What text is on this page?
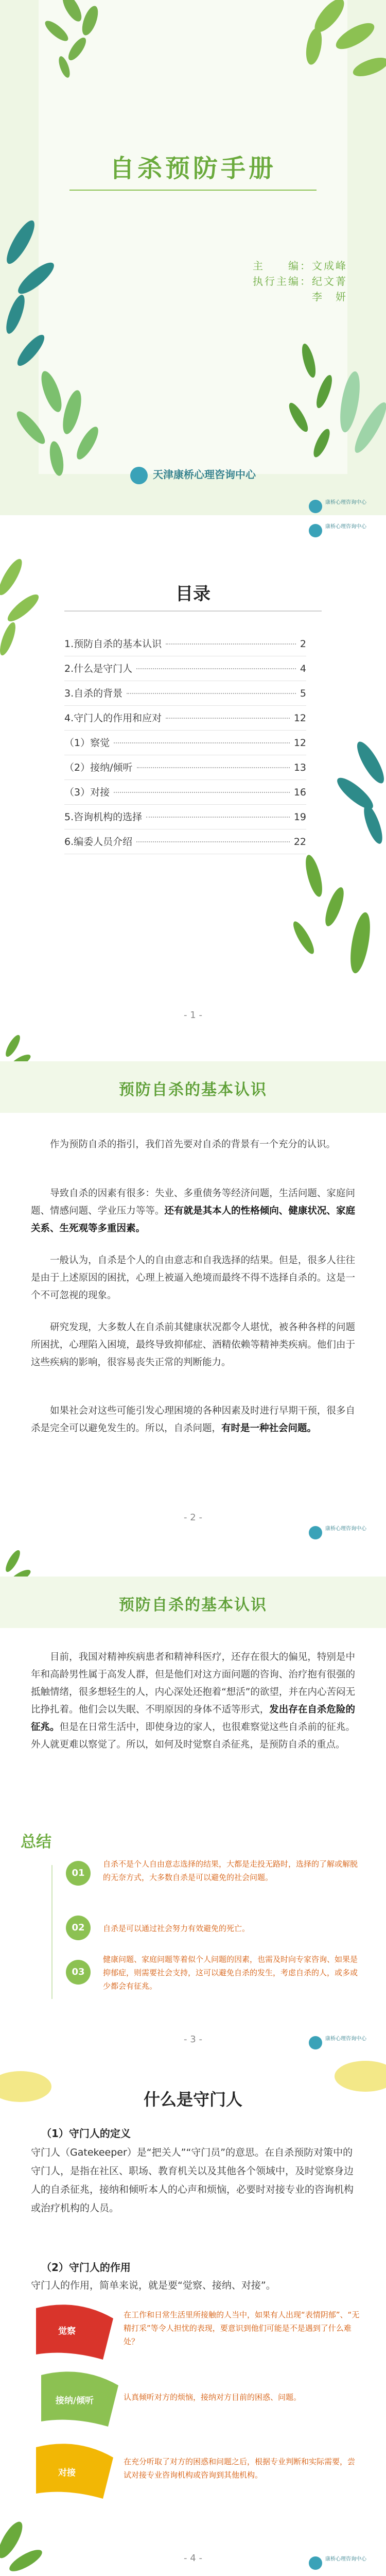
自杀预防手册
主　　编：文成峰
执行主编：纪文菁
李　妍
天津康桥心理咨询中心
康桥心理咨询中心
康桥心理咨询中心
目录
1.预防自杀的基本认识	2
2.什么是守门人	4
3.自杀的背景	5
4.守门人的作用和应对	12
（1）察觉	12
（2）接纳/倾听	13
（3）对接	16
5.咨询机构的选择	19
6.编委人员介绍	22
- 1 -
预防自杀的基本认识
作为预防自杀的指引，我们首先要对自杀的背景有一个充分的认识。
导致自杀的因素有很多：失业、多重债务等经济问题，生活问题、家庭问题、情感问题、学业压力等等。还有就是其本人的性格倾向、健康状况、家庭关系、生死观等多重因素。
一般认为，自杀是个人的自由意志和自我选择的结果。但是，很多人往往是由于上述原因的困扰，心理上被逼入绝境而最终不得不选择自杀的。这是一个不可忽视的现象。
研究发现，大多数人在自杀前其健康状况都令人堪忧，被各种各样的问题所困扰，心理陷入困境，最终导致抑郁症、酒精依赖等精神类疾病。他们由于这些疾病的影响，很容易丧失正常的判断能力。
如果社会对这些可能引发心理困境的各种因素及时进行早期干预，很多自杀是完全可以避免发生的。所以，自杀问题，有时是一种社会问题。
- 2 -
康桥心理咨询中心
预防自杀的基本认识
目前，我国对精神疾病患者和精神科医疗，还存在很大的偏见，特别是中年和高龄男性属于高发人群，但是他们对这方面问题的咨询、治疗抱有很强的抵触情绪，很多想轻生的人，内心深处还抱着“想活”的欲望，并在内心苦闷无比挣扎着。他们会以失眠、不明原因的身体不适等形式，发出存在自杀危险的征兆。但是在日常生活中，即使身边的家人，也很难察觉这些自杀前的征兆。外人就更难以察觉了。所以，如何及时觉察自杀征兆，是预防自杀的重点。
总结
01
自杀不是个人自由意志选择的结果，大都是走投无路时，选择的了解或解脱的无奈方式，大多数自杀是可以避免的社会问题。
02	自杀是可以通过社会努力有效避免的死亡。
03
健康问题、家庭问题等着似个人问题的因素，也需及时向专家咨询、如果是抑郁症，则需要社会支持，这可以避免自杀的发生，考虑自杀的人，或多或少都会有征兆。
- 3 -	康桥心理咨询中心
什么是守门人
（1）守门人的定义
守门人（Gatekeeper）是“把关人”“守门员”的意思。在自杀预防对策中的守门人，是指在社区、职场、教育机关以及其他各个领域中，及时觉察身边人的自杀征兆，接纳和倾听本人的心声和烦恼，必要时对接专业的咨询机构或治疗机构的人员。
（2）守门人的作用
守门人的作用，简单来说，就是要“觉察、接纳、对接”。
觉察
接纳/倾听
对接
在工作和日常生活里所接触的人当中，如果有人出现“表情阴郁”、“无精打采”等令人担忧的表现，要意识到他们可能是不是遇到了什么难处？
认真倾听对方的烦恼，接纳对方目前的困惑、问题。
在充分听取了对方的困惑和问题之后，根据专业判断和实际需要，尝试对接专业咨询机构或咨询到其他机构。
- 4 -	康桥心理咨询中心
